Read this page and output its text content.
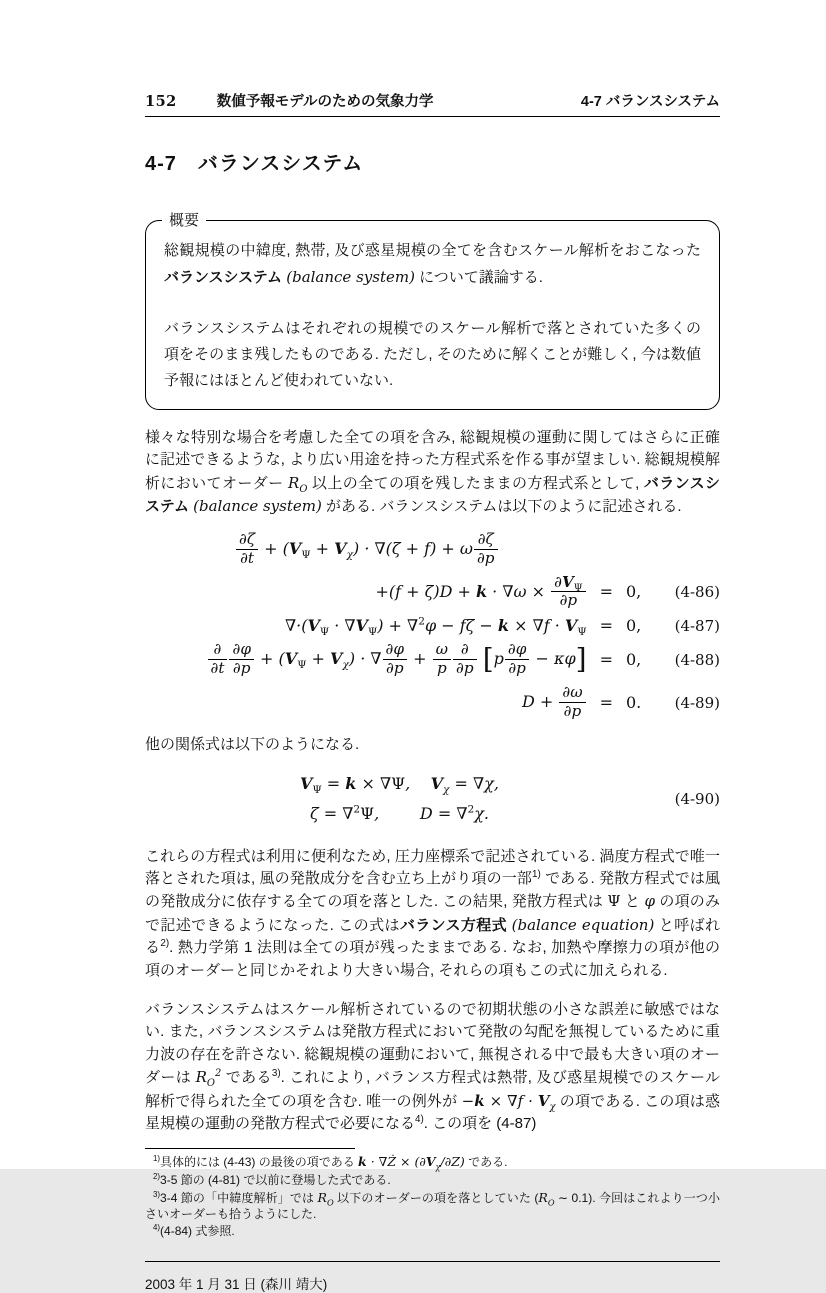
152	数値予報モデルのための気象力学	4-7 バランスシステム
4-7　バランスシステム
概要

総観規模の中緯度, 熱帯, 及び惑星規模の全てを含むスケール解析をおこなったバランスシステム (balance system) について議論する.

バランスシステムはそれぞれの規模でのスケール解析で落とされていた多くの項をそのまま残したものである. ただし, そのために解くことが難しく, 今は数値予報にはほとんど使われていない.

様々な特別な場合を考慮した全ての項を含み, 総観規模の運動に関してはさらに正確に記述できるような, より広い用途を持った方程式系を作る事が望ましい. 総観規模解析においてオーダー $R_O$ 以上の全ての項を残したままの方程式系として, バランスシステム (balance system) がある. バランスシステムは以下のように記述される.

$\frac{\partial\zeta}{\partial t} + (V_\Psi + V_\chi) \cdot \nabla(\zeta + f) + \omega \frac{\partial\zeta}{\partial p}$
$+(f + \zeta)D + k \cdot \nabla\omega \times \frac{\partial V_\Psi}{\partial p} = 0$,	(4-86)
$\nabla\cdot(V_\Psi \cdot \nabla V_\Psi) + \nabla^2\varphi - f\zeta - k \times \nabla f \cdot V_\Psi = 0$,	(4-87)
$\frac{\partial}{\partial t} \frac{\partial\varphi}{\partial p} + (V_\Psi + V_\chi)$ · ∇ $\frac{\partial\varphi}{\partial p} + \frac{\omega}{p} \frac{\partial}{\partial p} [p \frac{\partial\varphi}{\partial p} - \kappa\varphi] = 0$,	(4-88)
$D + \frac{\partial\omega}{\partial p} = 0$.	(4-89)

他の関係式は以下のようになる.

$V_\Psi = k \times \nabla\Psi$,    $V_\chi = \nabla\chi$,
ζ = ∇$^2$Ψ,        D = ∇$^2$χ.
(4-90)

これらの方程式は利用に便利なため, 圧力座標系で記述されている. 渦度方程式で唯一落とされた項は, 風の発散成分を含む立ち上がり項の一部$^{1)}$ である. 発散方程式では風の発散成分に依存する全ての項を落とした. この結果, 発散方程式は Ψ と φ の項のみで記述できるようになった. この式はバランス方程式 (balance equation) と呼ばれる$^{2)}$. 熱力学第 1 法則は全ての項が残ったままである. なお, 加熱や摩擦力の項が他の項のオーダーと同じかそれより大きい場合, それらの項もこの式に加えられる.

バランスシステムはスケール解析されているので初期状態の小さな誤差に敏感ではない. また, バランスシステムは発散方程式において発散の勾配を無視しているために重力波の存在を許さない. 総観規模の運動において, 無視される中で最も大きい項のオーダーは $R_O^2$ である$^{3)}$. これにより, バランス方程式は熱帯, 及び惑星規模でのスケール解析で得られた全ての項を含む. 唯一の例外が $-k \times \nabla f \cdot V_\chi$ の項である. この項は惑星規模の運動の発散方程式で必要になる$^{4)}$. この項を (4-87)

$^{1)}$具体的には (4-43) の最後の項である k · ∇Ż × $(\partial V_\chi/\partial Z)$ である.

$^{2)}$3-5 節の (4-81) で以前に登場した式である.

$^{3)}$3-4 節の「中緯度解析」では $R_O$ 以下のオーダーの項を落としていた ($R_O$ ∼ 0.1). 今回はこれより一つ小さいオーダーも拾うようにした.

$^{4)}$(4-84) 式参照.

2003 年 1 月 31 日 (森川 靖大)
